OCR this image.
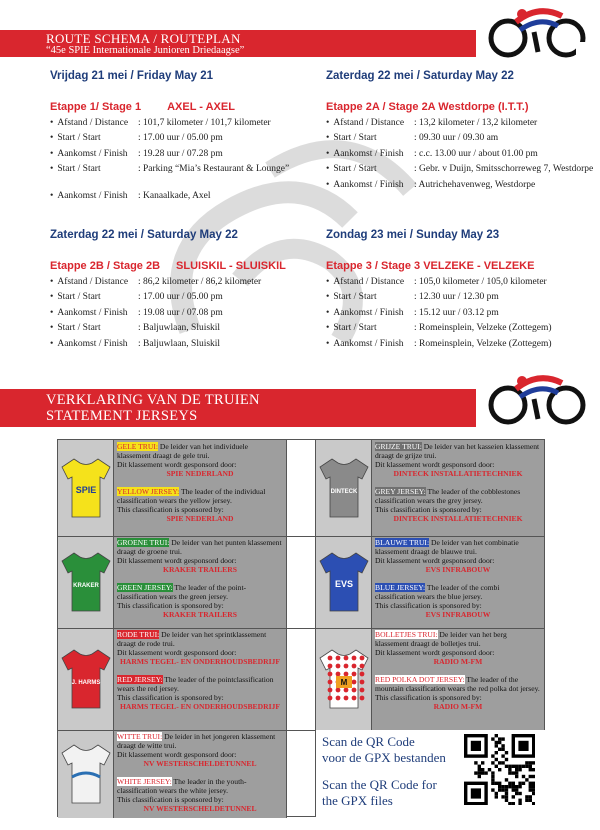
ROUTE SCHEMA / ROUTEPLAN
“45e SPIE Internationale Junioren Driedaagse”
Vrijdag 21 mei / Friday May 21
Etappe 1/ Stage 1 AXEL - AXEL
• Afstand / Distance	: 101,7 kilometer / 101,7 kilometer
• Start / Start	: 17.00 uur / 05.00 pm
• Aankomst / Finish	: 19.28 uur / 07.28 pm
• Start / Start	: Parking “Mia’s Restaurant & Lounge”
• Aankomst / Finish	: Kanaalkade, Axel
Zaterdag 22 mei / Saturday May 22
Etappe 2A / Stage 2A Westdorpe (I.T.T.)
• Afstand / Distance	: 13,2 kilometer / 13,2 kilometer
• Start / Start	: 09.30 uur / 09.30 am
• Aankomst / Finish	: c.c. 13.00 uur / about 01.00 pm
• Start / Start	: Gebr. v Duijn, Smitsschorreweg 7, Westdorpe
• Aankomst / Finish	: Autrichehavenweg, Westdorpe
Zaterdag 22 mei / Saturday May 22
Etappe 2B / Stage 2B SLUISKIL - SLUISKIL
• Afstand / Distance	: 86,2 kilometer / 86,2 kilometer
• Start / Start	: 17.00 uur / 05.00 pm
• Aankomst / Finish	: 19.08 uur / 07.08 pm
• Start / Start	: Baljuwlaan, Sluiskil
• Aankomst / Finish	: Baljuwlaan, Sluiskil
Zondag 23 mei / Sunday May 23
Etappe 3 / Stage 3 VELZEKE - VELZEKE
• Afstand / Distance	: 105,0 kilometer / 105,0 kilometer
• Start / Start	: 12.30 uur / 12.30 pm
• Aankomst / Finish	: 15.12 uur / 03.12 pm
• Start / Start	: Romeinsplein, Velzeke (Zottegem)
• Aankomst / Finish	: Romeinsplein, Velzeke (Zottegem)
VERKLARING VAN DE TRUIEN
STATEMENT JERSEYS
SPIE
GELE TRUI: De leider van het individuele klassement draagt de gele trui.
Dit klassement wordt gesponsord door:
SPIE NEDERLAND
YELLOW JERSEY: The leader of the individual classification wears the yellow jersey.
This classification is sponsored by:
SPIE NEDERLAND
KRAKER
GROENE TRUI: De leider van het punten klassement draagt de groene trui.
Dit klassement wordt gesponsord door:
KRAKER TRAILERS
GREEN JERSEY: The leader of the point-classification wears the green jersey.
This classification is sponsored by:
KRAKER TRAILERS
J. HARMS
RODE TRUI: De leider van het sprintklassement draagt de rode trui.
Dit klassement wordt gesponsord door:
HARMS TEGEL- EN ONDERHOUDSBEDRIJF
RED JERSEY: The leader of the pointclassification wears the red jersey.
This classification is sponsored by:
HARMS TEGEL- EN ONDERHOUDSBEDRIJF
WITTE TRUI: De leider in het jongeren klassement draagt de witte trui.
Dit klassement wordt gesponsord door:
NV WESTERSCHELDETUNNEL
WHITE JERSEY: The leader in the youth-classification wears the white jersey.
This classification is sponsored by:
NV WESTERSCHELDETUNNEL
DINTECK
GRIJZE TRUI: De leider van het kasseien klassement draagt de grijze trui.
Dit klassement wordt gesponsord door:
DINTECK INSTALLATIETECHNIEK
GREY JERSEY: The leader of the cobblestones classification wears the grey jersey.
This classification is sponsored by:
DINTECK INSTALLATIETECHNIEK
EVS
BLAUWE TRUI: De leider van het combinatie klassement draagt de blauwe trui.
Dit klassement wordt gesponsord door:
EVS INFRABOUW
BLUE JERSEY: The leader of the combi classification wears the blue jersey.
This classification is sponsored by:
EVS INFRABOUW
M
BOLLETJES TRUI: De leider van het berg klassement draagt de bolletjes trui.
Dit klassement wordt gesponsord door:
RADIO M-FM
RED POLKA DOT JERSEY: The leader of the mountain classification wears the red polka dot jersey.
This classification is sponsored by:
RADIO M-FM
Scan de QR Code
voor de GPX bestanden
Scan the QR Code for
the GPX files
